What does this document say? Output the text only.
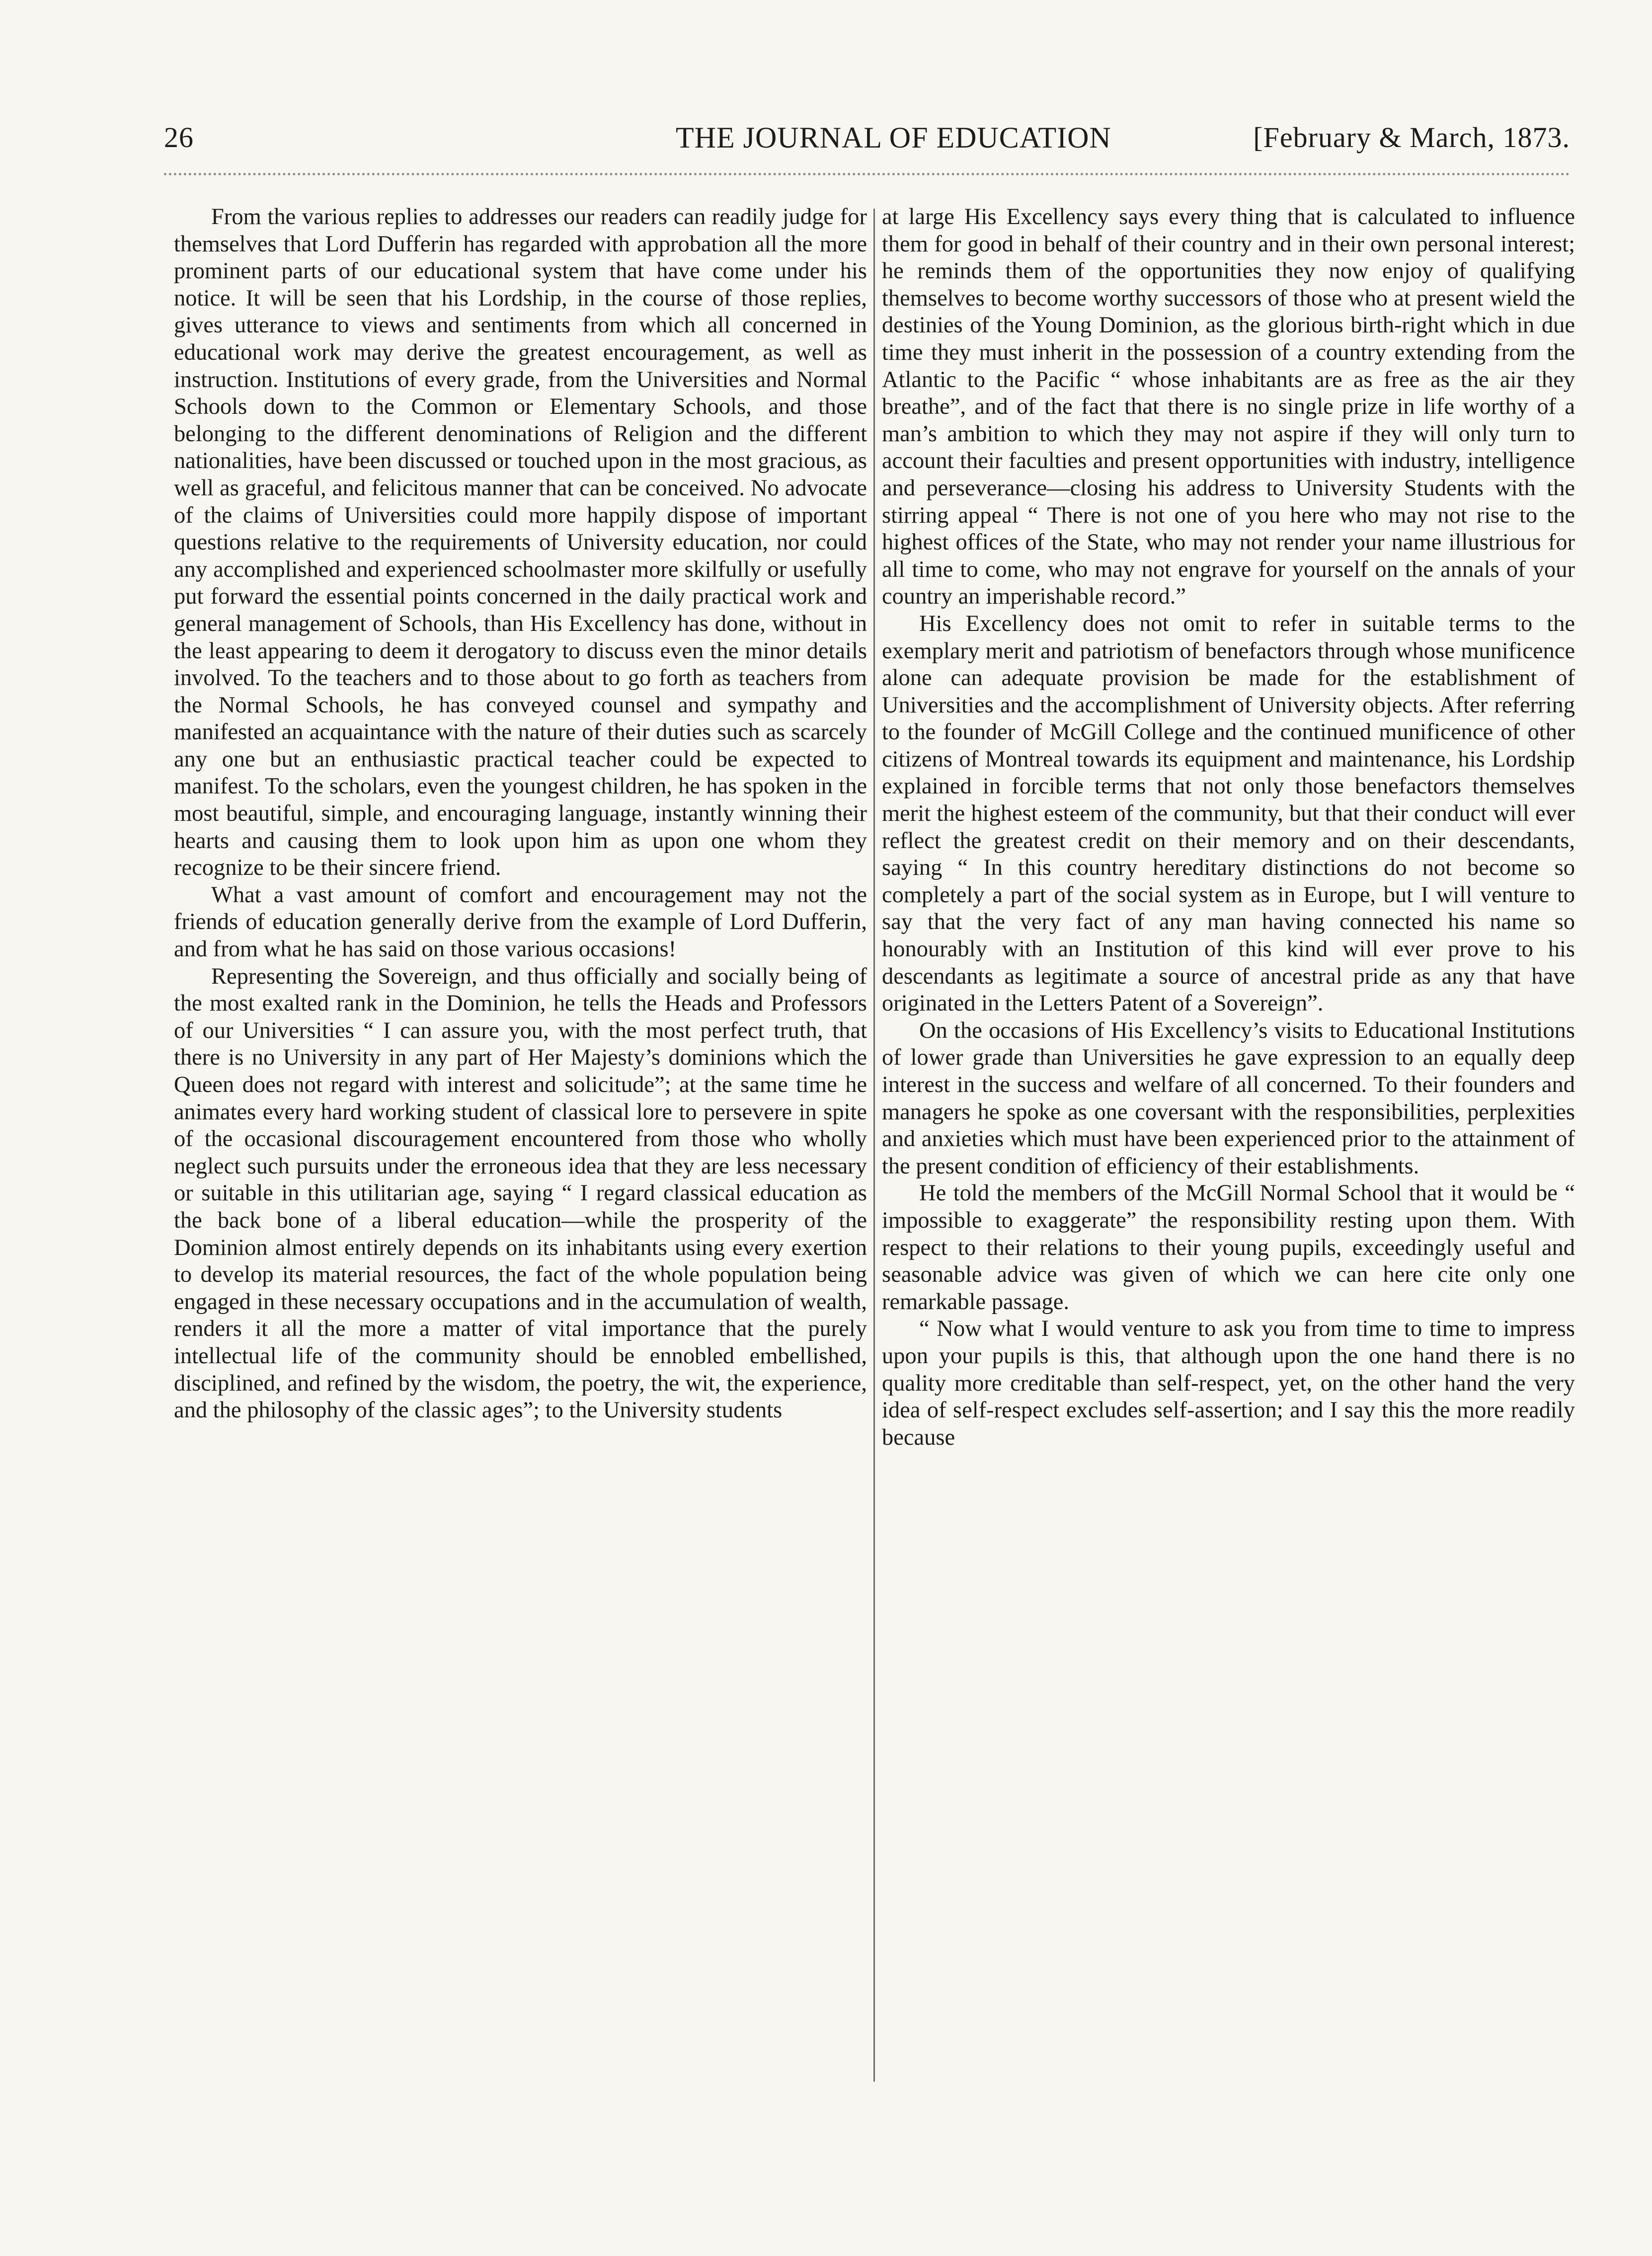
26	THE JOURNAL OF EDUCATION	[February & March, 1873.

From the various replies to addresses our readers can readily judge for themselves that Lord Dufferin has regarded with approbation all the more prominent parts of our educational system that have come under his notice. It will be seen that his Lordship, in the course of those replies, gives utterance to views and sentiments from which all concerned in educational work may derive the greatest encouragement, as well as instruction. Institutions of every grade, from the Universities and Normal Schools down to the Common or Elementary Schools, and those belonging to the different denominations of Religion and the different nationalities, have been discussed or touched upon in the most gracious, as well as graceful, and felicitous manner that can be conceived. No advocate of the claims of Universities could more happily dispose of important questions relative to the requirements of University education, nor could any accomplished and experienced schoolmaster more skilfully or usefully put forward the essential points concerned in the daily practical work and general management of Schools, than His Excellency has done, without in the least appearing to deem it derogatory to discuss even the minor details involved. To the teachers and to those about to go forth as teachers from the Normal Schools, he has conveyed counsel and sympathy and manifested an acquaintance with the nature of their duties such as scarcely any one but an enthusiastic practical teacher could be expected to manifest. To the scholars, even the youngest children, he has spoken in the most beautiful, simple, and encouraging language, instantly winning their hearts and causing them to look upon him as upon one whom they recognize to be their sincere friend.

What a vast amount of comfort and encouragement may not the friends of education generally derive from the example of Lord Dufferin, and from what he has said on those various occasions!

Representing the Sovereign, and thus officially and socially being of the most exalted rank in the Dominion, he tells the Heads and Professors of our Universities “ I can assure you, with the most perfect truth, that there is no University in any part of Her Majesty’s dominions which the Queen does not regard with interest and solicitude”; at the same time he animates every hard working student of classical lore to persevere in spite of the occasional discouragement encountered from those who wholly neglect such pursuits under the erroneous idea that they are less necessary or suitable in this utilitarian age, saying “ I regard classical education as the back bone of a liberal education—while the prosperity of the Dominion almost entirely depends on its inhabitants using every exertion to develop its material resources, the fact of the whole population being engaged in these necessary occupations and in the accumulation of wealth, renders it all the more a matter of vital importance that the purely intellectual life of the community should be ennobled embellished, disciplined, and refined by the wisdom, the poetry, the wit, the experience, and the philosophy of the classic ages”; to the University students

at large His Excellency says every thing that is calculated to influence them for good in behalf of their country and in their own personal interest; he reminds them of the opportunities they now enjoy of qualifying themselves to become worthy successors of those who at present wield the destinies of the Young Dominion, as the glorious birth-right which in due time they must inherit in the possession of a country extending from the Atlantic to the Pacific “ whose inhabitants are as free as the air they breathe”, and of the fact that there is no single prize in life worthy of a man’s ambition to which they may not aspire if they will only turn to account their faculties and present opportunities with industry, intelligence and perseverance—closing his address to University Students with the stirring appeal “ There is not one of you here who may not rise to the highest offices of the State, who may not render your name illustrious for all time to come, who may not engrave for yourself on the annals of your country an imperishable record.”

His Excellency does not omit to refer in suitable terms to the exemplary merit and patriotism of benefactors through whose munificence alone can adequate provision be made for the establishment of Universities and the accomplishment of University objects. After referring to the founder of McGill College and the continued munificence of other citizens of Montreal towards its equipment and maintenance, his Lordship explained in forcible terms that not only those benefactors themselves merit the highest esteem of the community, but that their conduct will ever reflect the greatest credit on their memory and on their descendants, saying “ In this country hereditary distinctions do not become so completely a part of the social system as in Europe, but I will venture to say that the very fact of any man having connected his name so honourably with an Institution of this kind will ever prove to his descendants as legitimate a source of ancestral pride as any that have originated in the Letters Patent of a Sovereign”.

On the occasions of His Excellency’s visits to Educational Institutions of lower grade than Universities he gave expression to an equally deep interest in the success and welfare of all concerned. To their founders and managers he spoke as one coversant with the responsibilities, perplexities and anxieties which must have been experienced prior to the attainment of the present condition of efficiency of their establishments.

He told the members of the McGill Normal School that it would be “ impossible to exaggerate” the responsibility resting upon them. With respect to their relations to their young pupils, exceedingly useful and seasonable advice was given of which we can here cite only one remarkable passage.

“ Now what I would venture to ask you from time to time to impress upon your pupils is this, that although upon the one hand there is no quality more creditable than self-respect, yet, on the other hand the very idea of self-respect excludes self-assertion; and I say this the more readily because
